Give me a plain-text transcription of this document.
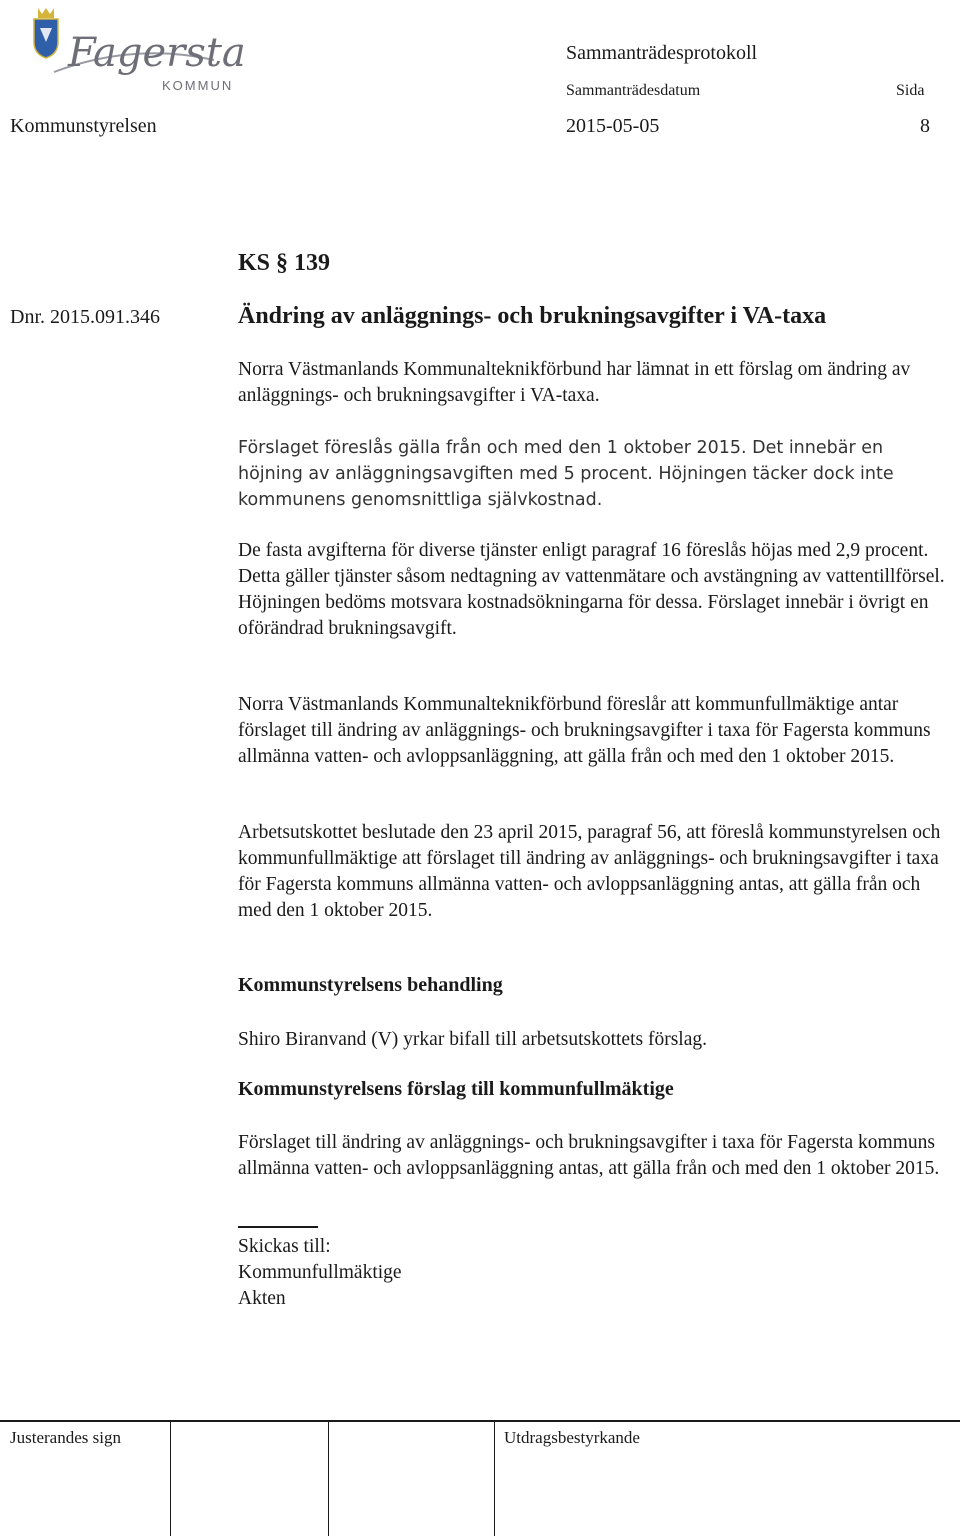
Fagersta
KOMMUN
Sammanträdesprotokoll
Sammanträdesdatum	Sida
Kommunstyrelsen	2015-05-05	8
KS § 139
Dnr. 2015.091.346	Ändring av anläggnings- och brukningsavgifter i VA-taxa

Norra Västmanlands Kommunalteknikförbund har lämnat in ett förslag om ändring av anläggnings- och brukningsavgifter i VA-taxa.

Förslaget föreslås gälla från och med den 1 oktober 2015. Det innebär en höjning av anläggningsavgiften med 5 procent. Höjningen täcker dock inte kommunens genomsnittliga självkostnad.

De fasta avgifterna för diverse tjänster enligt paragraf 16 föreslås höjas med 2,9 procent. Detta gäller tjänster såsom nedtagning av vattenmätare och avstängning av vattentillförsel. Höjningen bedöms motsvara kostnadsökningarna för dessa. Förslaget innebär i övrigt en oförändrad brukningsavgift.

Norra Västmanlands Kommunalteknikförbund föreslår att kommunfullmäktige antar förslaget till ändring av anläggnings- och brukningsavgifter i taxa för Fagersta kommuns allmänna vatten- och avloppsanläggning, att gälla från och med den 1 oktober 2015.

Arbetsutskottet beslutade den 23 april 2015, paragraf 56, att föreslå kommunstyrelsen och kommunfullmäktige att förslaget till ändring av anläggnings- och brukningsavgifter i taxa för Fagersta kommuns allmänna vatten- och avloppsanläggning antas, att gälla från och med den 1 oktober 2015.

Kommunstyrelsens behandling

Shiro Biranvand (V) yrkar bifall till arbetsutskottets förslag.

Kommunstyrelsens förslag till kommunfullmäktige

Förslaget till ändring av anläggnings- och brukningsavgifter i taxa för Fagersta kommuns allmänna vatten- och avloppsanläggning antas, att gälla från och med den 1 oktober 2015.

Skickas till:
Kommunfullmäktige
Akten
Justerandes sign	Utdragsbestyrkande
